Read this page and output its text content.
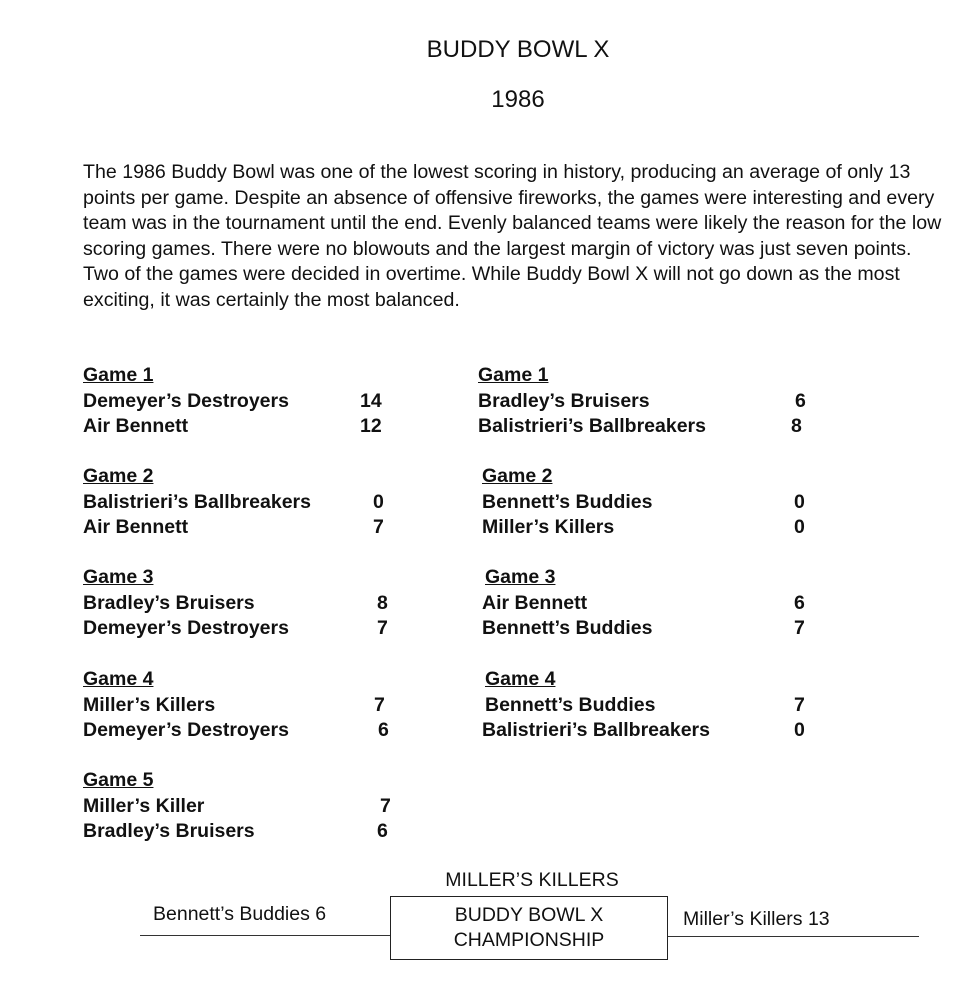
BUDDY BOWL X
1986
The 1986 Buddy Bowl was one of the lowest scoring in history, producing an average of only 13 points per game. Despite an absence of offensive fireworks, the games were interesting and every team was in the tournament until the end. Evenly balanced teams were likely the reason for the low scoring games. There were no blowouts and the largest margin of victory was just seven points. Two of the games were decided in overtime. While Buddy Bowl X will not go down as the most exciting, it was certainly the most balanced.
Game 1
Demeyer’s Destroyers	14
Air Bennett	12
Game 2
Balistrieri’s Ballbreakers	0
Air Bennett	7
Game 3
Bradley’s Bruisers	8
Demeyer’s Destroyers	7
Game 4
Miller’s Killers	7
Demeyer’s Destroyers	6
Game 5
Miller’s Killer	7
Bradley’s Bruisers	6
Game 1
Bradley’s Bruisers	6
Balistrieri’s Ballbreakers	8
Game 2
Bennett’s Buddies	0
Miller’s Killers	0
Game 3
Air Bennett	6
Bennett’s Buddies	7
Game 4
Bennett’s Buddies	7
Balistrieri’s Ballbreakers	0
MILLER’S KILLERS
Bennett’s Buddies 6	BUDDY BOWL X
CHAMPIONSHIP
Miller’s Killers 13
